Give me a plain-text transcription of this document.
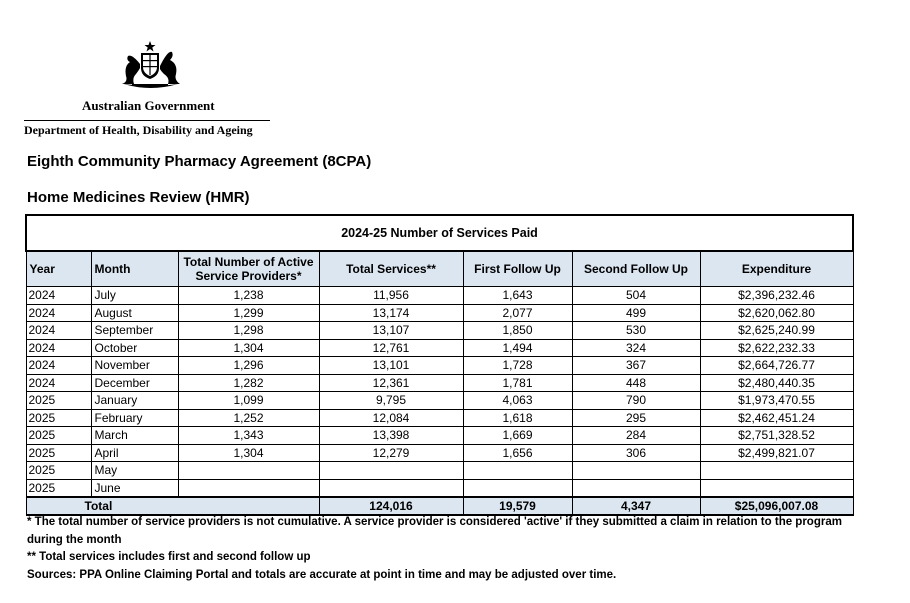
Australian Government
Department of Health, Disability and Ageing
Eighth Community Pharmacy Agreement (8CPA)
Home Medicines Review (HMR)
2024-25 Number of Services Paid						
Year	Month	Total Number of Active Service Providers*	Total Services**	First Follow Up	Second Follow Up	Expenditure
2024	July	1,238	11,956	1,643	504	$2,396,232.46
2024	August	1,299	13,174	2,077	499	$2,620,062.80
2024	September	1,298	13,107	1,850	530	$2,625,240.99
2024	October	1,304	12,761	1,494	324	$2,622,232.33
2024	November	1,296	13,101	1,728	367	$2,664,726.77
2024	December	1,282	12,361	1,781	448	$2,480,440.35
2025	January	1,099	9,795	4,063	790	$1,973,470.55
2025	February	1,252	12,084	1,618	295	$2,462,451.24
2025	March	1,343	13,398	1,669	284	$2,751,328.52
2025	April	1,304	12,279	1,656	306	$2,499,821.07
2025	May					
2025	June					
Total			124,016	19,579	4,347	$25,096,007.08
* The total number of service providers is not cumulative. A service provider is considered 'active' if they submitted a claim in relation to the program during the month
** Total services includes first and second follow up
Sources: PPA Online Claiming Portal and totals are accurate at point in time and may be adjusted over time.
